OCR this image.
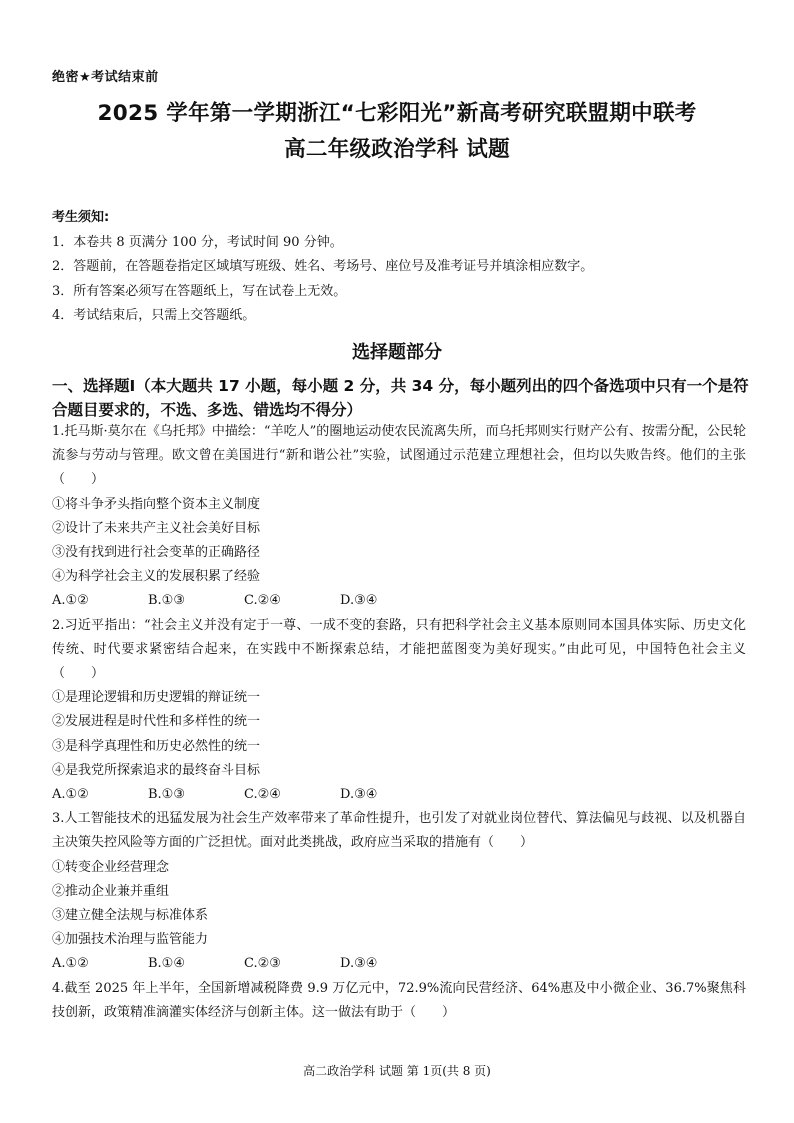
绝密★考试结束前
2025 学年第一学期浙江“七彩阳光”新高考研究联盟期中联考
高二年级政治学科 试题

考生须知:

1．本卷共 8 页满分 100 分，考试时间 90 分钟。

2．答题前，在答题卷指定区域填写班级、姓名、考场号、座位号及准考证号并填涂相应数字。

3．所有答案必须写在答题纸上，写在试卷上无效。

4．考试结束后，只需上交答题纸。

选择题部分
一、选择题Ⅰ（本大题共 17 小题，每小题 2 分，共 34 分，每小题列出的四个备选项中只有一个是符合题目要求的，不选、多选、错选均不得分）

1.托马斯·莫尔在《乌托邦》中描绘：“羊吃人”的圈地运动使农民流离失所，而乌托邦则实行财产公有、按需分配，公民轮流参与劳动与管理。欧文曾在美国进行“新和谐公社”实验，试图通过示范建立理想社会，但均以失败告终。他们的主张（　　）

①将斗争矛头指向整个资本主义制度

②设计了未来共产主义社会美好目标

③没有找到进行社会变革的正确路径

④为科学社会主义的发展积累了经验

A.①②	B.①③	C.②④	D.③④

2.习近平指出：“社会主义并没有定于一尊、一成不变的套路，只有把科学社会主义基本原则同本国具体实际、历史文化传统、时代要求紧密结合起来，在实践中不断探索总结，才能把蓝图变为美好现实。”由此可见，中国特色社会主义（　　）

①是理论逻辑和历史逻辑的辩证统一

②发展进程是时代性和多样性的统一

③是科学真理性和历史必然性的统一

④是我党所探索追求的最终奋斗目标

A.①②	B.①③	C.②④	D.③④

3.人工智能技术的迅猛发展为社会生产效率带来了革命性提升，也引发了对就业岗位替代、算法偏见与歧视、以及机器自主决策失控风险等方面的广泛担忧。面对此类挑战，政府应当采取的措施有（　　）

①转变企业经营理念

②推动企业兼并重组

③建立健全法规与标准体系

④加强技术治理与监管能力

A.①②	B.①④	C.②③	D.③④

4.截至 2025 年上半年，全国新增减税降费 9.9 万亿元中，72.9%流向民营经济、64%惠及中小微企业、36.7%聚焦科技创新，政策精准滴灌实体经济与创新主体。这一做法有助于（　　）

高二政治学科 试题 第 1页(共 8 页)
